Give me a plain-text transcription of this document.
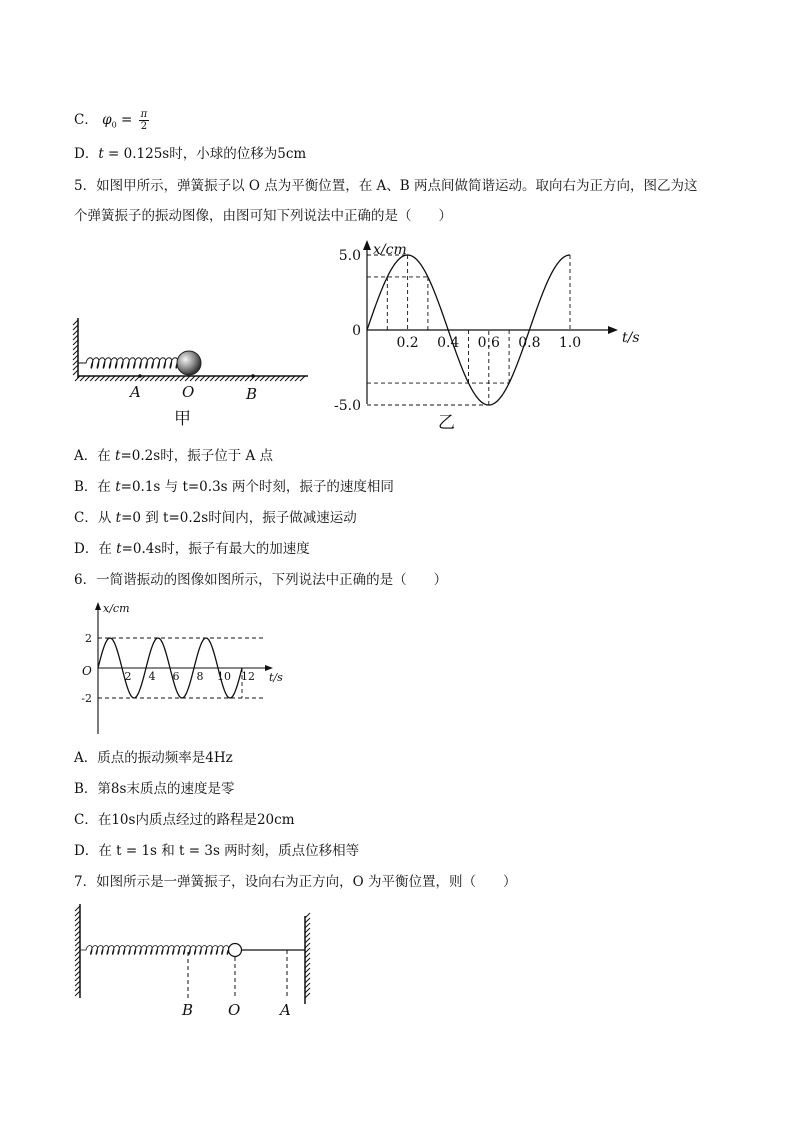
C． $\varphi_0 = \frac{\pi}{2}$
D．t = 0.125s时，小球的位移为5cm
5．如图甲所示，弹簧振子以 O 点为平衡位置，在 A、B 两点间做简谐运动。取向右为正方向，图乙为这
个弹簧振子的振动图像，由图可知下列说法中正确的是（　　）
A	O	B
甲
0.2 0.4 0.6 0.8 1.0
5.0
0
-5.0
x/cm
t/s
乙
A．在 t=0.2s时，振子位于 A 点
B．在 t=0.1s 与 t=0.3s 两个时刻，振子的速度相同
C．从 t=0 到 t=0.2s时间内，振子做减速运动
D．在 t=0.4s时，振子有最大的加速度
6．一简谐振动的图像如图所示，下列说法中正确的是（　　）
2 4 6 8 10 12
2
-2
x/cm
t/s
O
A．质点的振动频率是4Hz
B．第8s末质点的速度是零
C．在10s内质点经过的路程是20cm
D．在 t = 1s 和 t = 3s 两时刻，质点位移相等
7．如图所示是一弹簧振子，设向右为正方向，O 为平衡位置，则（　　）
B O	A
